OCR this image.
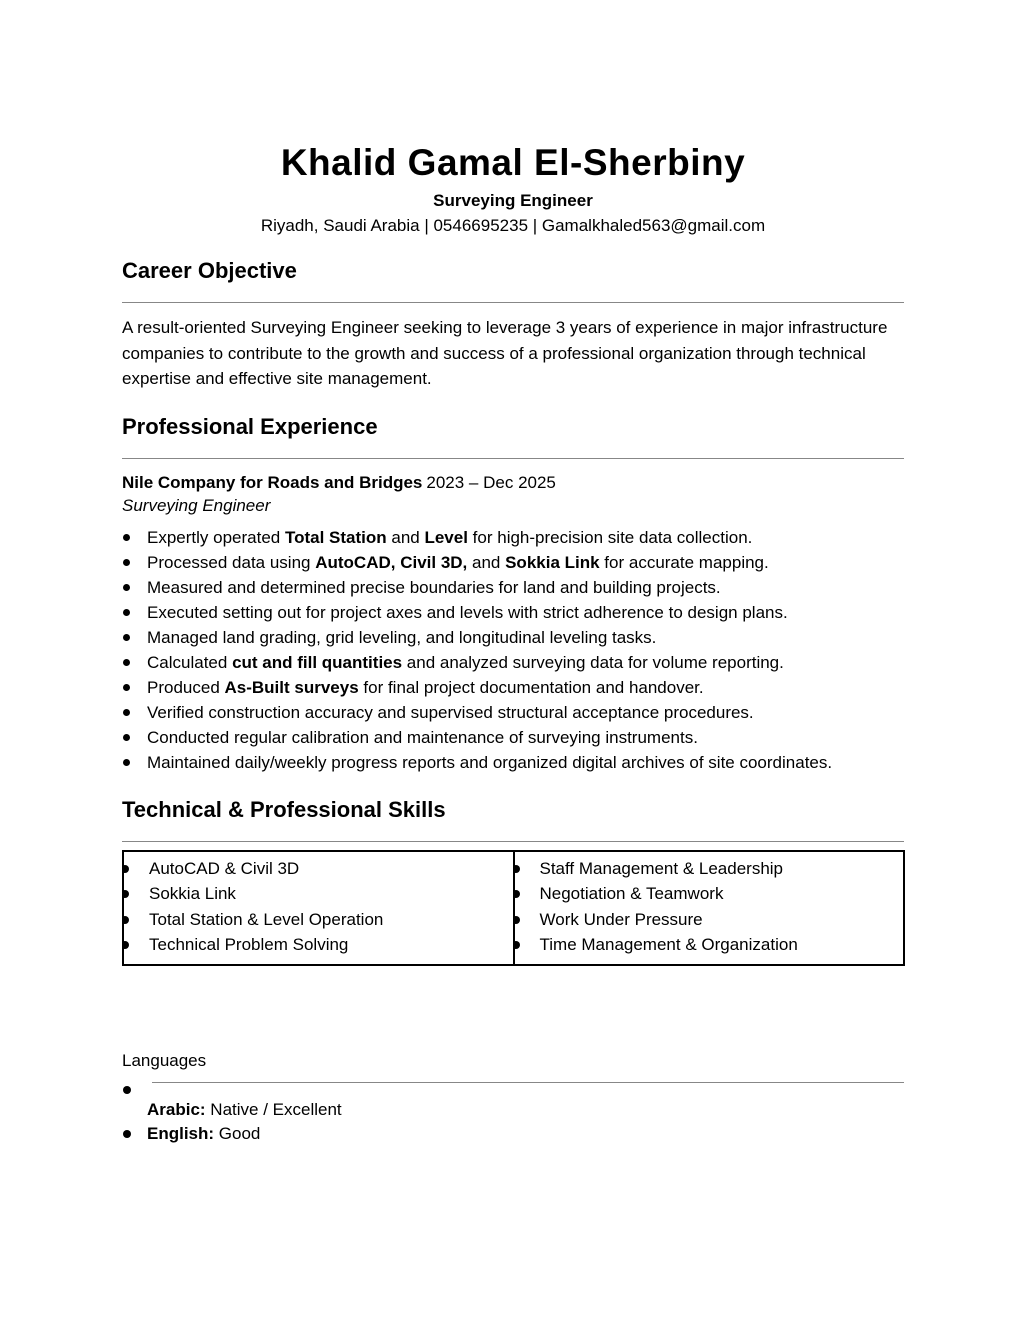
Khalid Gamal El-Sherbiny
Surveying Engineer
Riyadh, Saudi Arabia | 0546695235 | Gamalkhaled563@gmail.com
Career Objective

A result-oriented Surveying Engineer seeking to leverage 3 years of experience in major infrastructure companies to contribute to the growth and success of a professional organization through technical expertise and effective site management.

Professional Experience

Nile Company for Roads and Bridges 2023 – Dec 2025

Surveying Engineer

Expertly operated Total Station and Level for high-precision site data collection.
Processed data using AutoCAD, Civil 3D, and Sokkia Link for accurate mapping.
Measured and determined precise boundaries for land and building projects.
Executed setting out for project axes and levels with strict adherence to design plans.
Managed land grading, grid leveling, and longitudinal leveling tasks.
Calculated cut and fill quantities and analyzed surveying data for volume reporting.
Produced As-Built surveys for final project documentation and handover.
Verified construction accuracy and supervised structural acceptance procedures.
Conducted regular calibration and maintenance of surveying instruments.
Maintained daily/weekly progress reports and organized digital archives of site coordinates.
Technical & Professional Skills
AutoCAD & Civil 3D
Sokkia Link
Total Station & Level Operation
Technical Problem Solving
Staff Management & Leadership
Negotiation & Teamwork
Work Under Pressure
Time Management & Organization
Languages
Arabic: Native / Excellent
English: Good
